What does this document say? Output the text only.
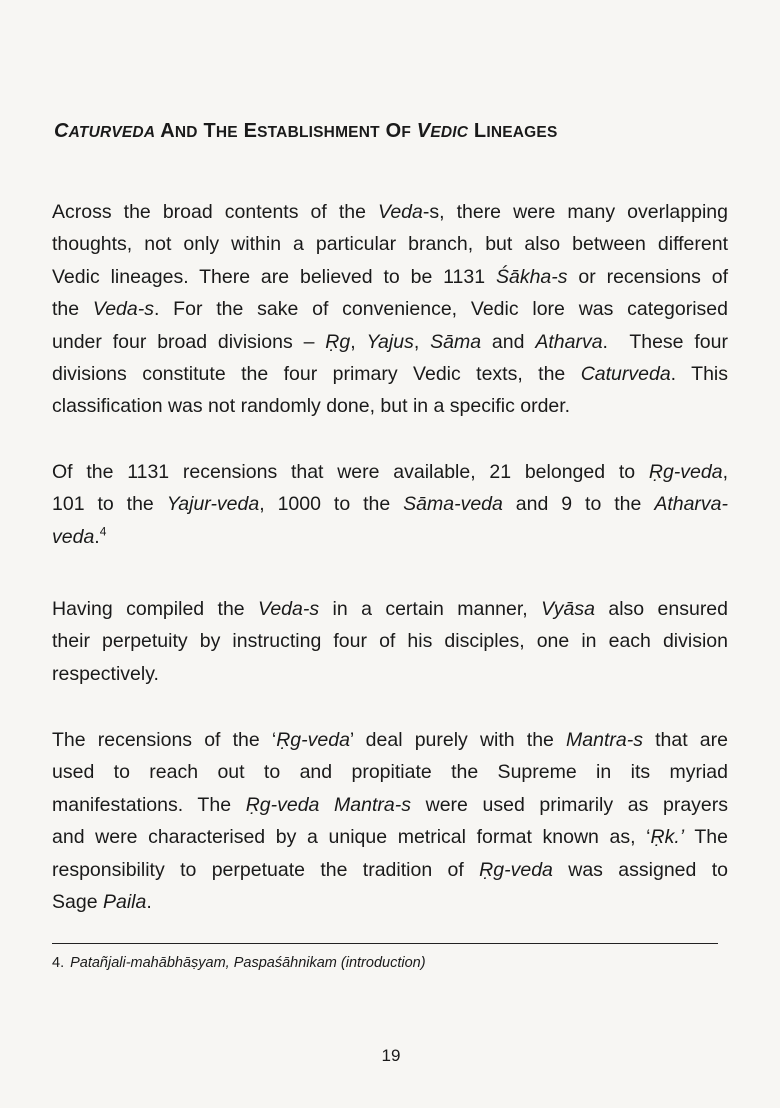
CATURVEDA AND THE ESTABLISHMENT OF VEDIC LINEAGES

Across the broad contents of the Veda-s, there were many overlapping

thoughts, not only within a particular branch, but also between different

Vedic lineages. There are believed to be 1131 Śākha-s or recensions of

the Veda-s. For the sake of convenience, Vedic lore was categorised

under four broad divisions – Ṛg, Yajus, Sāma and Atharva.  These four

divisions constitute the four primary Vedic texts, the Caturveda. This

classification was not randomly done, but in a specific order.

Of the 1131 recensions that were available, 21 belonged to Ṛg-veda,

101 to the Yajur-veda, 1000 to the Sāma-veda and 9 to the Atharva-

veda.$^4$

Having compiled the Veda-s in a certain manner, Vyāsa also ensured

their perpetuity by instructing four of his disciples, one in each division

respectively.

The recensions of the ‘Ṛg-veda’ deal purely with the Mantra-s that are

used to reach out to and propitiate the Supreme in its myriad

manifestations. The Ṛg-veda Mantra-s were used primarily as prayers

and were characterised by a unique metrical format known as, ‘Ṛk.’ The

responsibility to perpetuate the tradition of Ṛg-veda was assigned to

Sage Paila.

4. Patañjali-mahābhāṣyam, Paspaśāhnikam (introduction)
19
